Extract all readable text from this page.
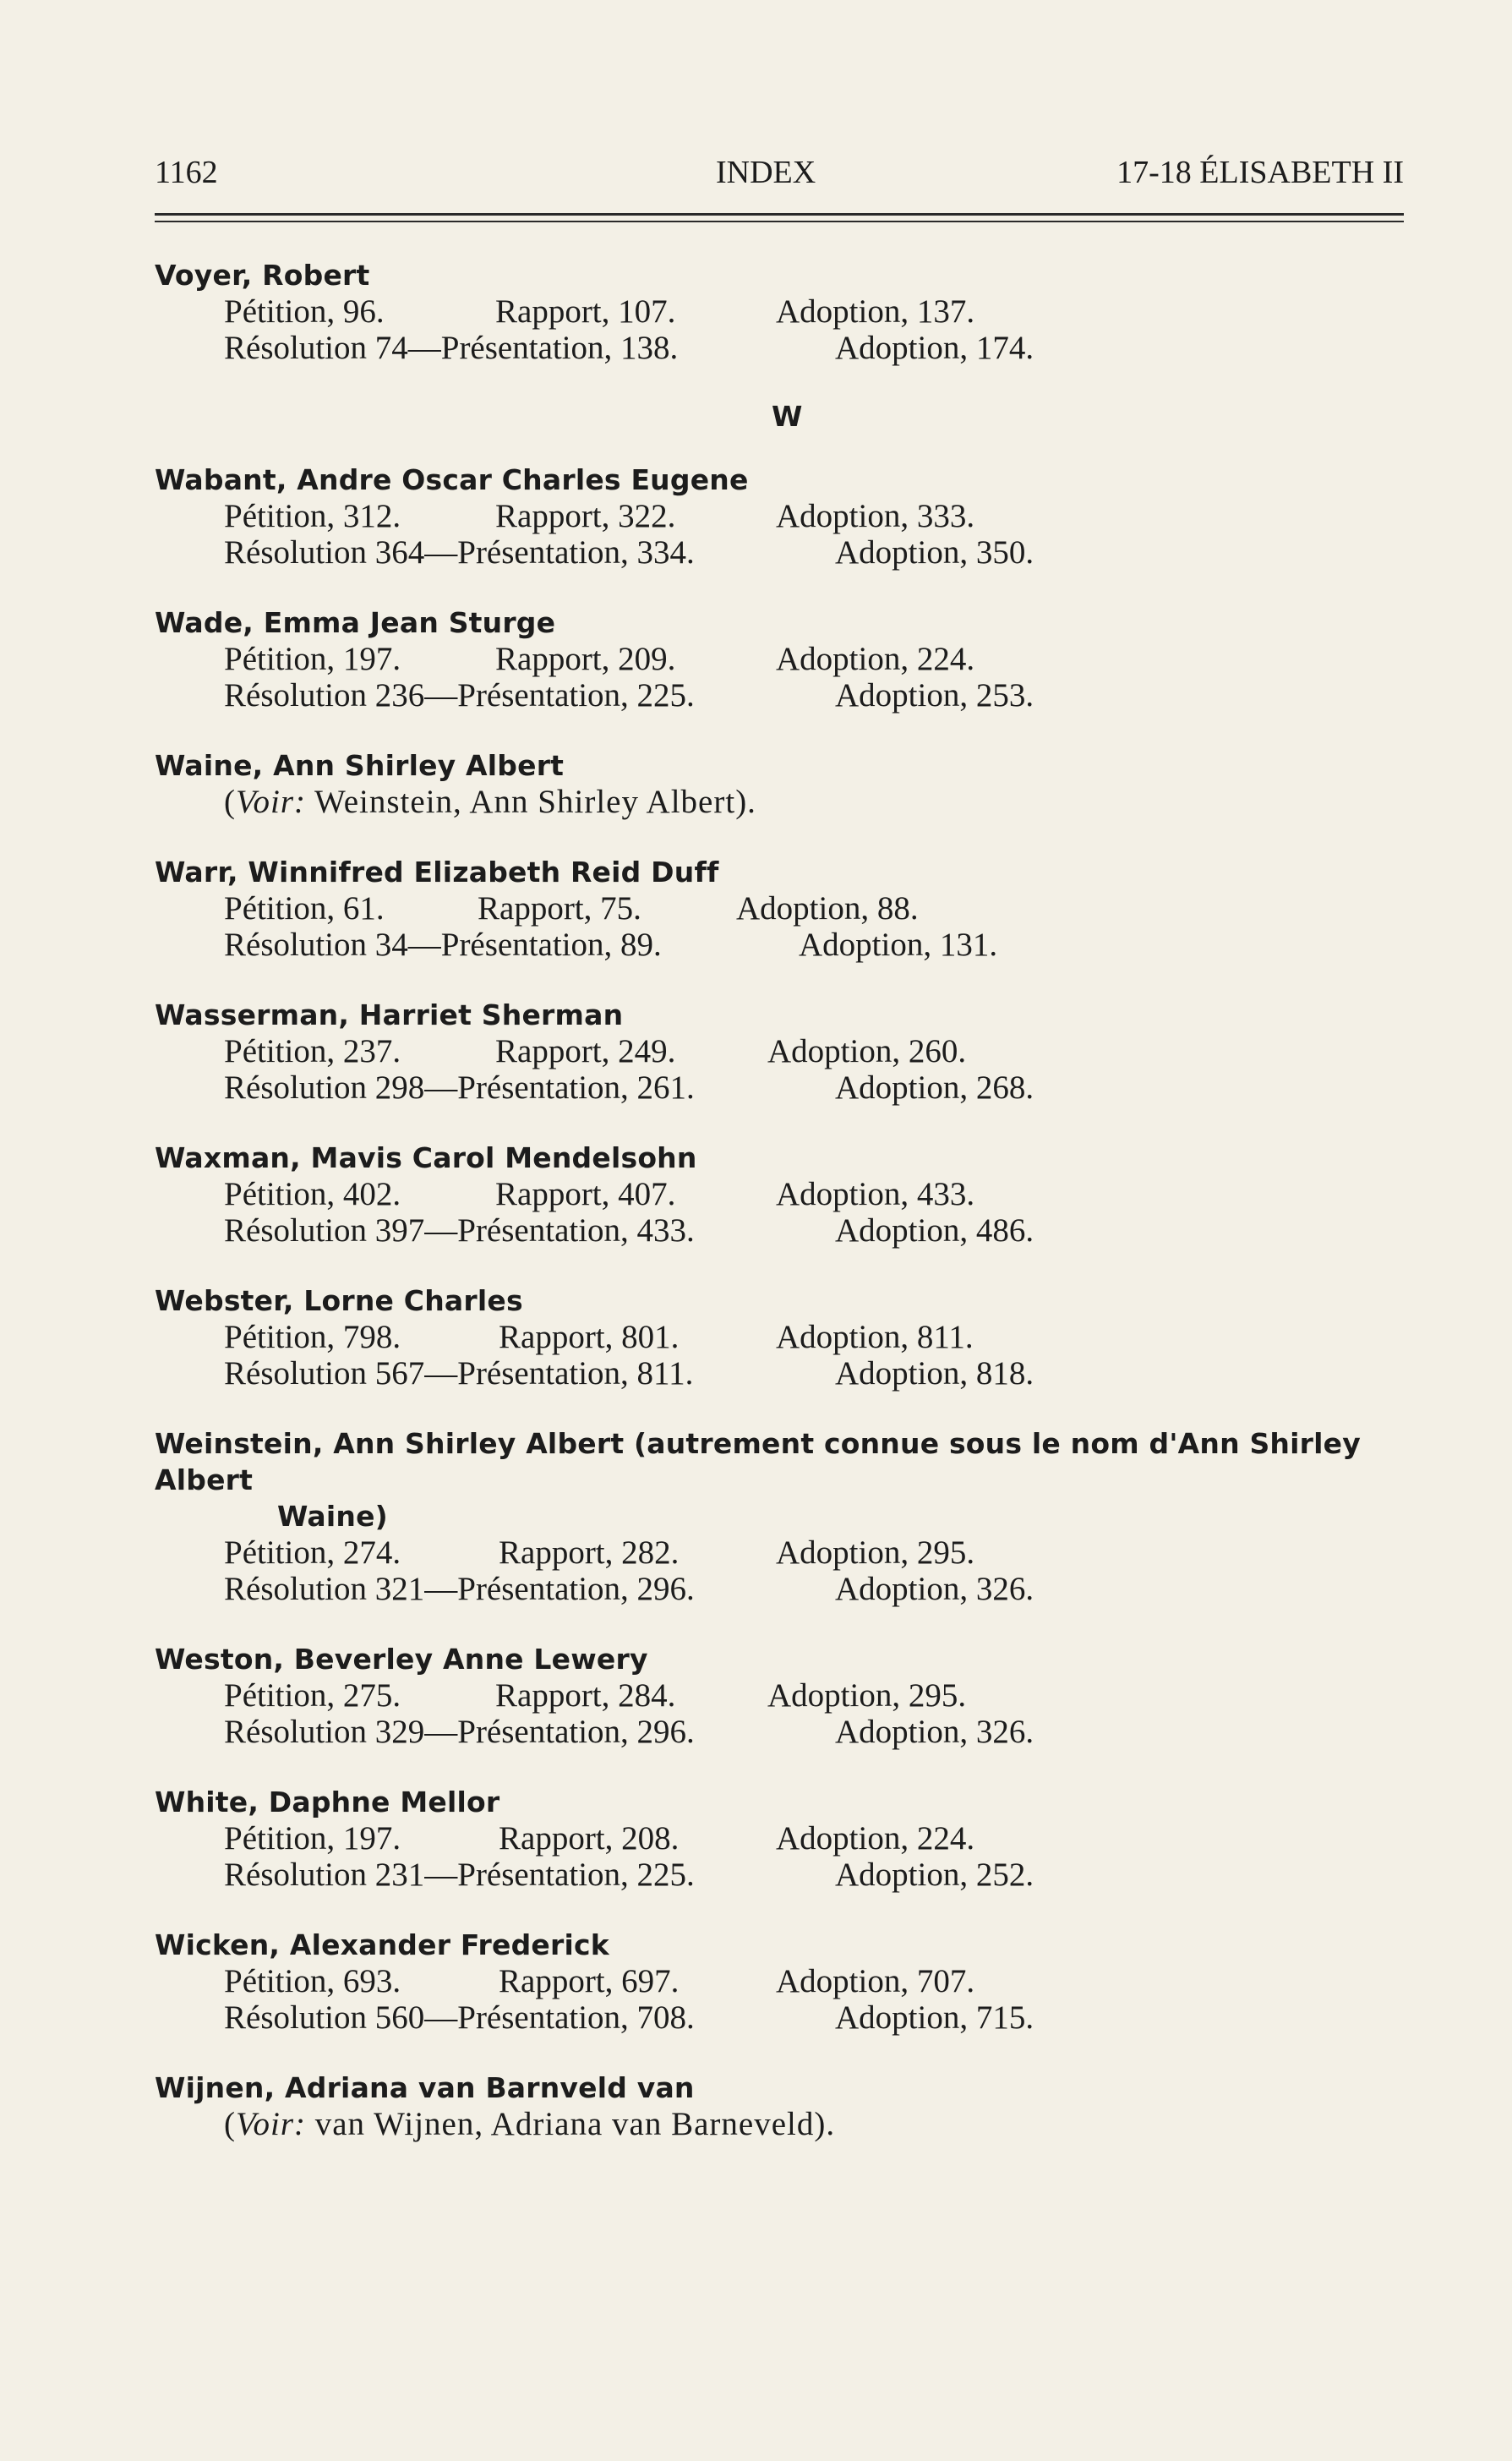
1162	INDEX	17-18 ÉLISABETH II
Voyer, Robert
Pétition, 96.	Rapport, 107.	Adoption, 137.
Résolution 74—Présentation, 138.	Adoption, 174.
W
Wabant, Andre Oscar Charles Eugene
Pétition, 312.	Rapport, 322.	Adoption, 333.
Résolution 364—Présentation, 334.	Adoption, 350.
Wade, Emma Jean Sturge
Pétition, 197.	Rapport, 209.	Adoption, 224.
Résolution 236—Présentation, 225.	Adoption, 253.
Waine, Ann Shirley Albert
(Voir: Weinstein, Ann Shirley Albert).
Warr, Winnifred Elizabeth Reid Duff
Pétition, 61.	Rapport, 75.	Adoption, 88.
Résolution 34—Présentation, 89.	Adoption, 131.
Wasserman, Harriet Sherman
Pétition, 237.	Rapport, 249.	Adoption, 260.
Résolution 298—Présentation, 261.	Adoption, 268.
Waxman, Mavis Carol Mendelsohn
Pétition, 402.	Rapport, 407.	Adoption, 433.
Résolution 397—Présentation, 433.	Adoption, 486.
Webster, Lorne Charles
Pétition, 798.	Rapport, 801.	Adoption, 811.
Résolution 567—Présentation, 811.	Adoption, 818.
Weinstein, Ann Shirley Albert (autrement connue sous le nom d'Ann Shirley Albert
Waine)
Pétition, 274.	Rapport, 282.	Adoption, 295.
Résolution 321—Présentation, 296.	Adoption, 326.
Weston, Beverley Anne Lewery
Pétition, 275.	Rapport, 284.	Adoption, 295.
Résolution 329—Présentation, 296.	Adoption, 326.
White, Daphne Mellor
Pétition, 197.	Rapport, 208.	Adoption, 224.
Résolution 231—Présentation, 225.	Adoption, 252.
Wicken, Alexander Frederick
Pétition, 693.	Rapport, 697.	Adoption, 707.
Résolution 560—Présentation, 708.	Adoption, 715.
Wijnen, Adriana van Barnveld van
(Voir: van Wijnen, Adriana van Barneveld).
